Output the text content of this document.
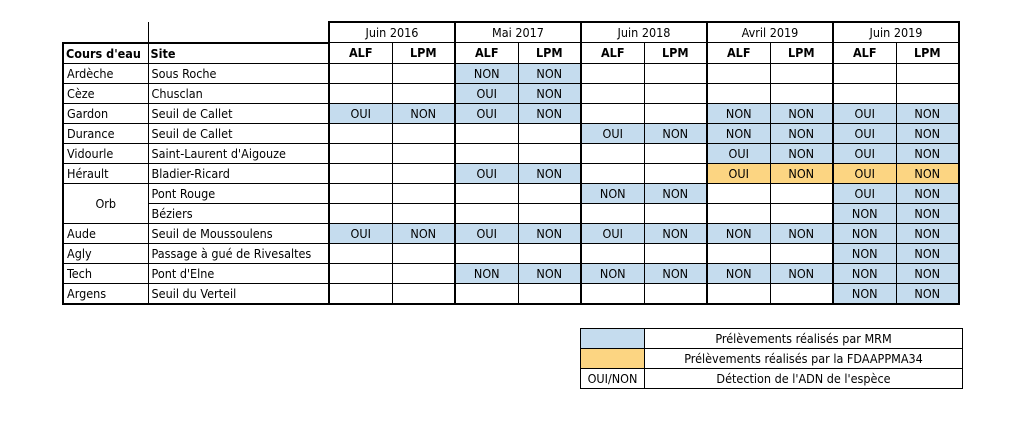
		Juin 2016		Mai 2017		Juin 2018		Avril 2019		Juin 2019	
Cours d'eau	Site	ALF	LPM	ALF	LPM	ALF	LPM	ALF	LPM	ALF	LPM
Ardèche	Sous Roche			NON	NON						
Cèze	Chusclan			OUI	NON						
Gardon	Seuil de Callet	OUI	NON	OUI	NON			NON	NON	OUI	NON
Durance	Seuil de Callet					OUI	NON	NON	NON	OUI	NON
Vidourle	Saint-Laurent d'Aigouze							OUI	NON	OUI	NON
Hérault	Bladier-Ricard			OUI	NON			OUI	NON	OUI	NON
Orb	Pont Rouge					NON	NON			OUI	NON
	Béziers									NON	NON
Aude	Seuil de Moussoulens	OUI	NON	OUI	NON	OUI	NON	NON	NON	NON	NON
Agly	Passage à gué de Rivesaltes									NON	NON
Tech	Pont d'Elne			NON	NON	NON	NON	NON	NON	NON	NON
Argens	Seuil du Verteil									NON	NON
	Prélèvements réalisés par MRM
	Prélèvements réalisés par la FDAAPPMA34
OUI/NON	Détection de l'ADN de l'espèce
